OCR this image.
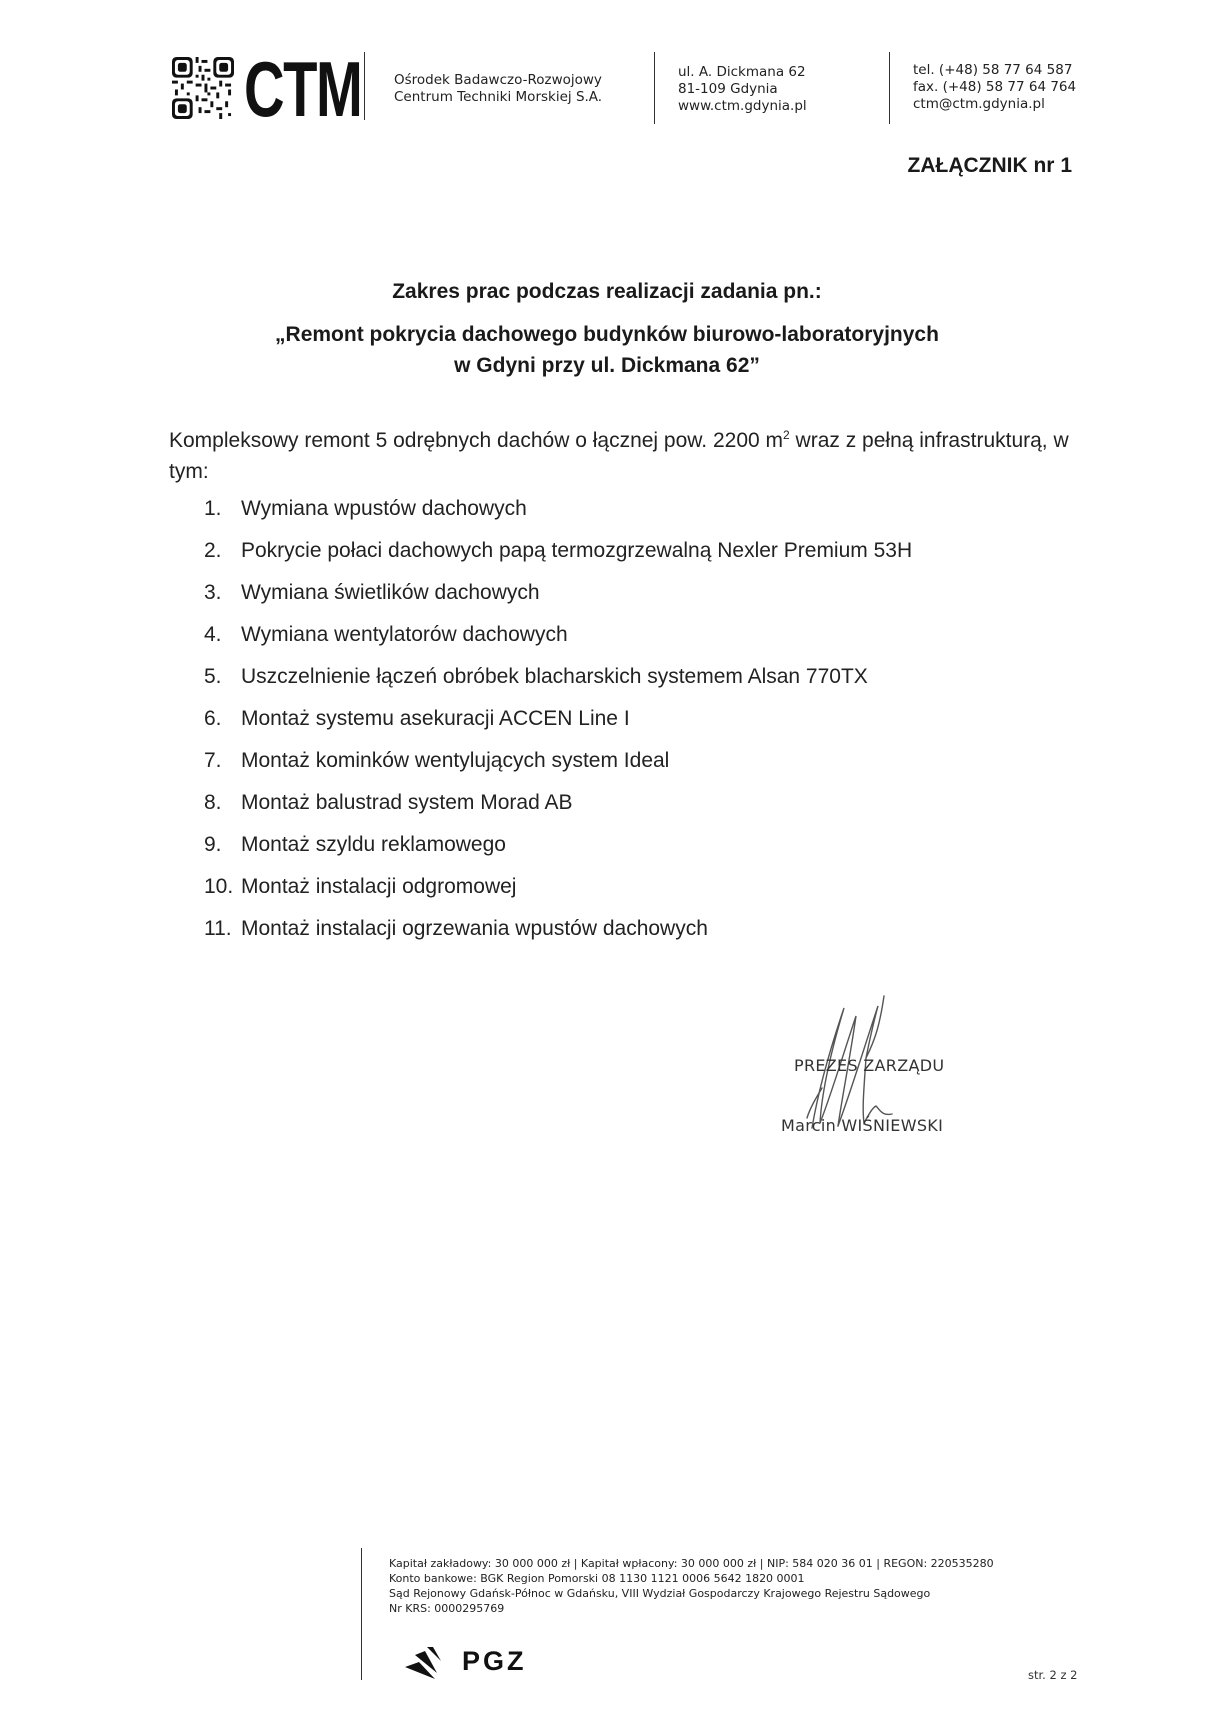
CTM Ośrodek Badawczo-Rozwojowy
Centrum Techniki Morskiej S.A.
ul. A. Dickmana 62
81-109 Gdynia
www.ctm.gdynia.pl
tel. (+48) 58 77 64 587
fax. (+48) 58 77 64 764
ctm@ctm.gdynia.pl
ZAŁĄCZNIK nr 1
Zakres prac podczas realizacji zadania pn.:
„Remont pokrycia dachowego budynków biurowo-laboratoryjnych
w Gdyni przy ul. Dickmana 62”
Kompleksowy remont 5 odrębnych dachów o łącznej pow. 2200 $m^2$ wraz z pełną infrastrukturą, w tym:
1. Wymiana wpustów dachowych
2. Pokrycie połaci dachowych papą termozgrzewalną Nexler Premium 53H
3. Wymiana świetlików dachowych
4. Wymiana wentylatorów dachowych
5. Uszczelnienie łączeń obróbek blacharskich systemem Alsan 770TX
6. Montaż systemu asekuracji ACCEN Line I
7. Montaż kominków wentylujących system Ideal
8. Montaż balustrad system Morad AB
9. Montaż szyldu reklamowego
10. Montaż instalacji odgromowej
11. Montaż instalacji ogrzewania wpustów dachowych
PREZES ZARZĄDU
Marcin WIŚNIEWSKI
Kapitał zakładowy: 30 000 000 zł | Kapitał wpłacony: 30 000 000 zł | NIP: 584 020 36 01 | REGON: 220535280
Konto bankowe: BGK Region Pomorski 08 1130 1121 0006 5642 1820 0001
Sąd Rejonowy Gdańsk-Północ w Gdańsku, VIII Wydział Gospodarczy Krajowego Rejestru Sądowego
Nr KRS: 0000295769
PGZ	str. 2 z 2
